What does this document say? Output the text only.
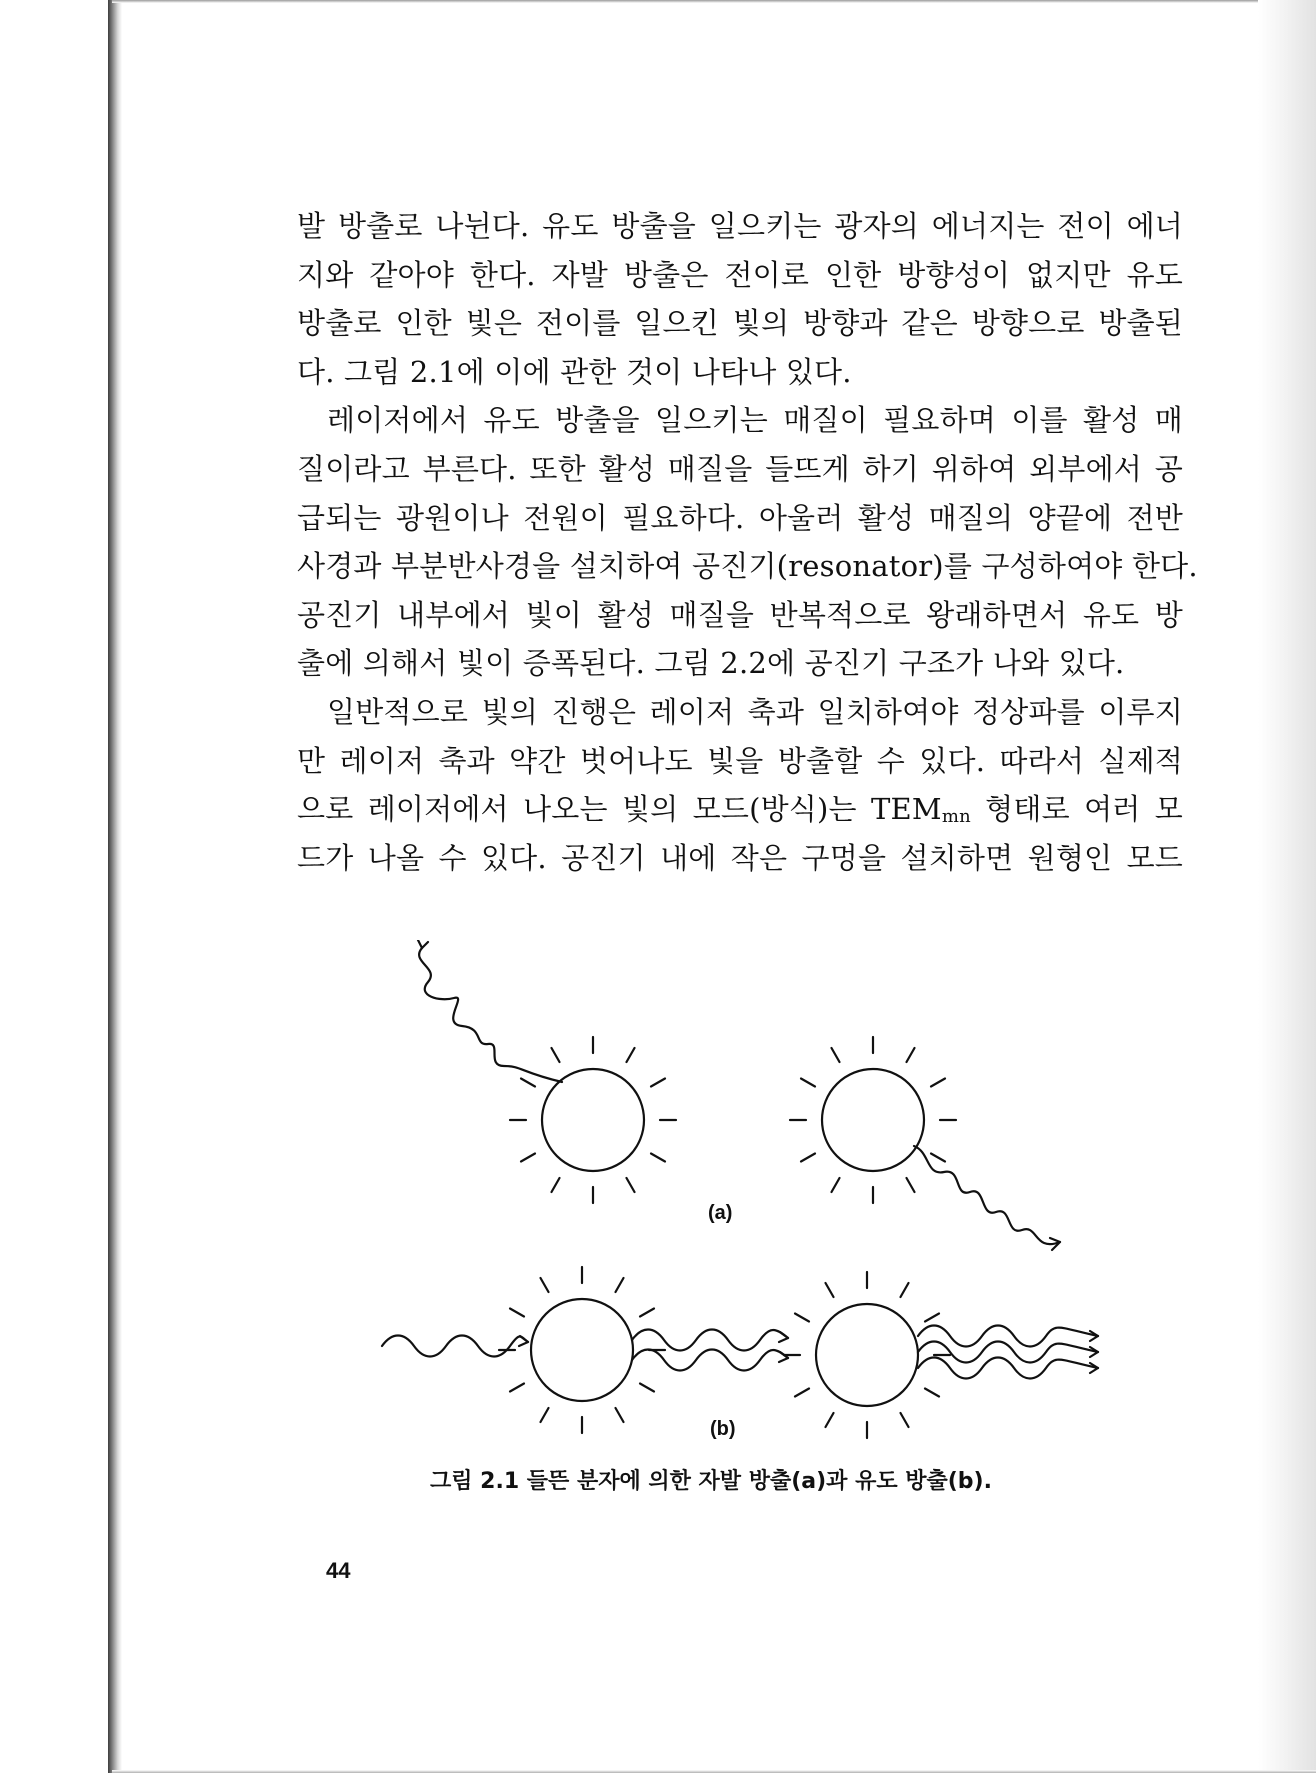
발 방출로 나뉜다. 유도 방출을 일으키는 광자의 에너지는 전이 에너
지와 같아야 한다. 자발 방출은 전이로 인한 방향성이 없지만 유도
방출로 인한 빛은 전이를 일으킨 빛의 방향과 같은 방향으로 방출된
다. 그림 2.1에 이에 관한 것이 나타나 있다.
레이저에서 유도 방출을 일으키는 매질이 필요하며 이를 활성 매
질이라고 부른다. 또한 활성 매질을 들뜨게 하기 위하여 외부에서 공
급되는 광원이나 전원이 필요하다. 아울러 활성 매질의 양끝에 전반
사경과 부분반사경을 설치하여 공진기(resonator)를 구성하여야 한다.
공진기 내부에서 빛이 활성 매질을 반복적으로 왕래하면서 유도 방
출에 의해서 빛이 증폭된다. 그림 2.2에 공진기 구조가 나와 있다.
일반적으로 빛의 진행은 레이저 축과 일치하여야 정상파를 이루지
만 레이저 축과 약간 벗어나도 빛을 방출할 수 있다. 따라서 실제적
으로 레이저에서 나오는 빛의 모드(방식)는 TEMmn 형태로 여러 모
드가 나올 수 있다. 공진기 내에 작은 구멍을 설치하면 원형인 모드
(a)
(b)
그림 2.1 들뜬 분자에 의한 자발 방출(a)과 유도 방출(b).
44
